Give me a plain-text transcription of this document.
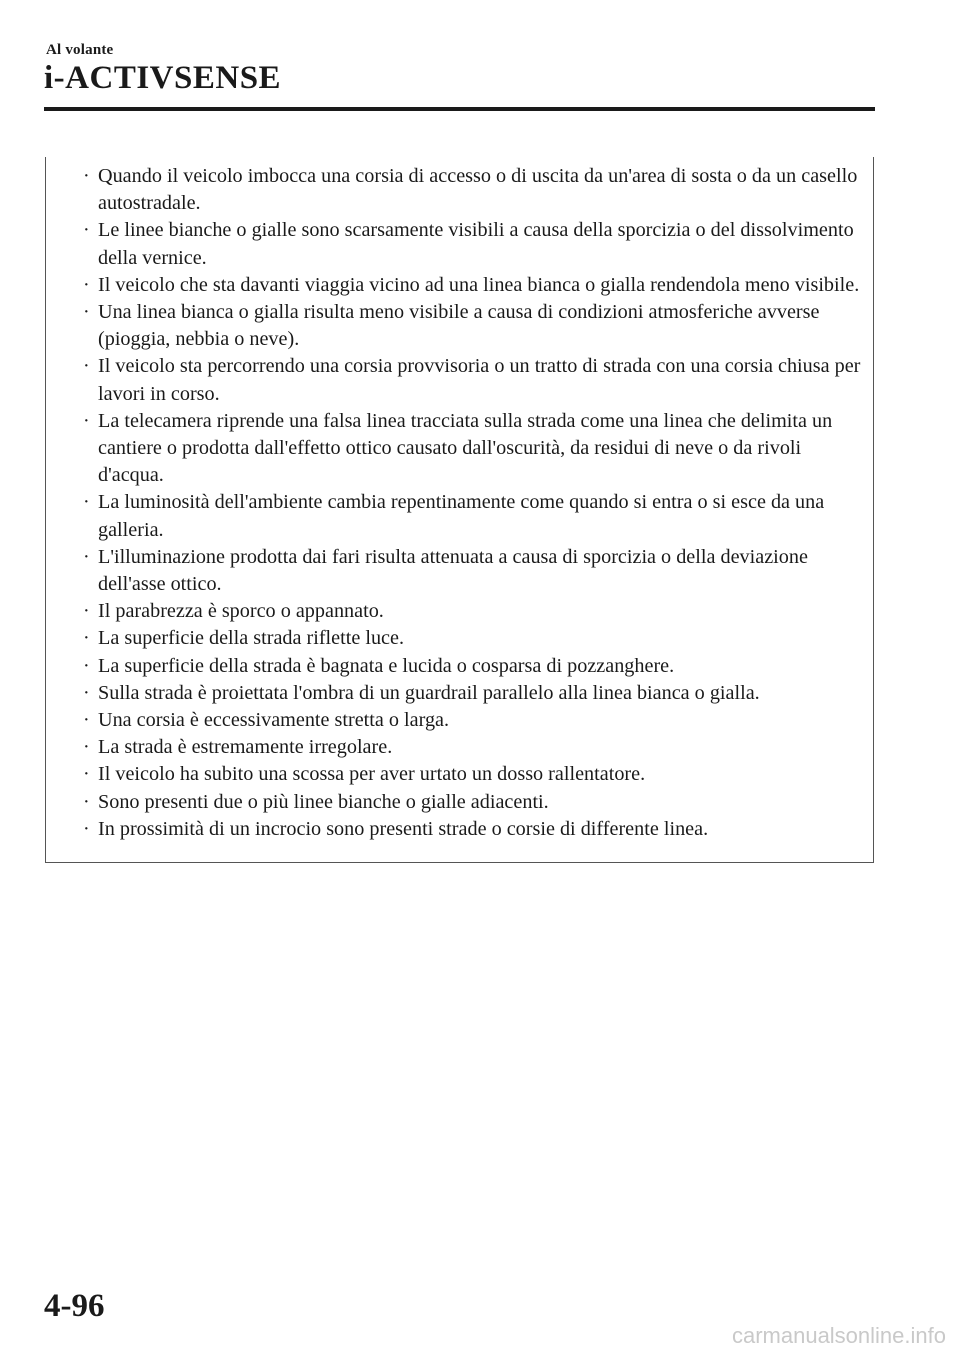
Al volante
i-ACTIVSENSE
· Quando il veicolo imbocca una corsia di accesso o di uscita da un'area di sosta o da un casello autostradale.
· Le linee bianche o gialle sono scarsamente visibili a causa della sporcizia o del dissolvimento della vernice.
· Il veicolo che sta davanti viaggia vicino ad una linea bianca o gialla rendendola meno visibile.
· Una linea bianca o gialla risulta meno visibile a causa di condizioni atmosferiche avverse (pioggia, nebbia o neve).
· Il veicolo sta percorrendo una corsia provvisoria o un tratto di strada con una corsia chiusa per lavori in corso.
· La telecamera riprende una falsa linea tracciata sulla strada come una linea che delimita un cantiere o prodotta dall'effetto ottico causato dall'oscurità, da residui di neve o da rivoli d'acqua.
· La luminosità dell'ambiente cambia repentinamente come quando si entra o si esce da una galleria.
· L'illuminazione prodotta dai fari risulta attenuata a causa di sporcizia o della deviazione dell'asse ottico.
· Il parabrezza è sporco o appannato.
· La superficie della strada riflette luce.
· La superficie della strada è bagnata e lucida o cosparsa di pozzanghere.
· Sulla strada è proiettata l'ombra di un guardrail parallelo alla linea bianca o gialla.
· Una corsia è eccessivamente stretta o larga.
· La strada è estremamente irregolare.
· Il veicolo ha subito una scossa per aver urtato un dosso rallentatore.
· Sono presenti due o più linee bianche o gialle adiacenti.
· In prossimità di un incrocio sono presenti strade o corsie di differente linea.
4-96
carmanualsonline.info
